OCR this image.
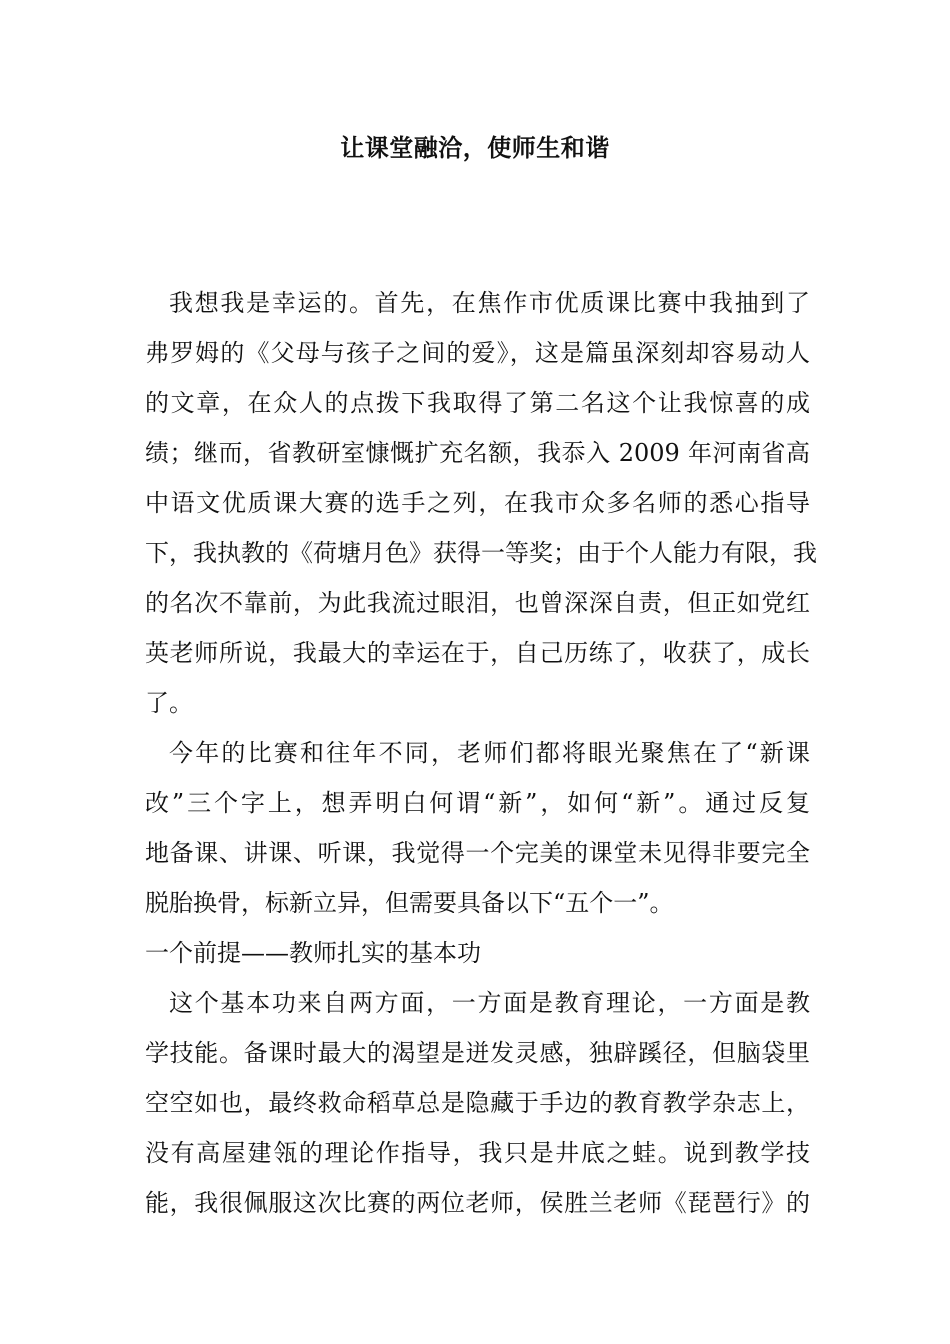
让课堂融洽，使师生和谐
我想我是幸运的。首先，在焦作市优质课比赛中我抽到了
弗罗姆的《父母与孩子之间的爱》，这是篇虽深刻却容易动人
的文章，在众人的点拨下我取得了第二名这个让我惊喜的成
绩；继而，省教研室慷慨扩充名额，我忝入 2009 年河南省高
中语文优质课大赛的选手之列，在我市众多名师的悉心指导
下，我执教的《荷塘月色》获得一等奖；由于个人能力有限，我
的名次不靠前，为此我流过眼泪，也曾深深自责，但正如党红
英老师所说，我最大的幸运在于，自己历练了，收获了，成长
了。
今年的比赛和往年不同，老师们都将眼光聚焦在了“新课
改”三个字上，想弄明白何谓“新”，如何“新”。通过反复
地备课、讲课、听课，我觉得一个完美的课堂未见得非要完全
脱胎换骨，标新立异，但需要具备以下“五个一”。
一个前提——教师扎实的基本功
这个基本功来自两方面，一方面是教育理论，一方面是教
学技能。备课时最大的渴望是迸发灵感，独辟蹊径，但脑袋里
空空如也，最终救命稻草总是隐藏于手边的教育教学杂志上，
没有高屋建瓴的理论作指导，我只是井底之蛙。说到教学技
能，我很佩服这次比赛的两位老师，侯胜兰老师《琵琶行》的
